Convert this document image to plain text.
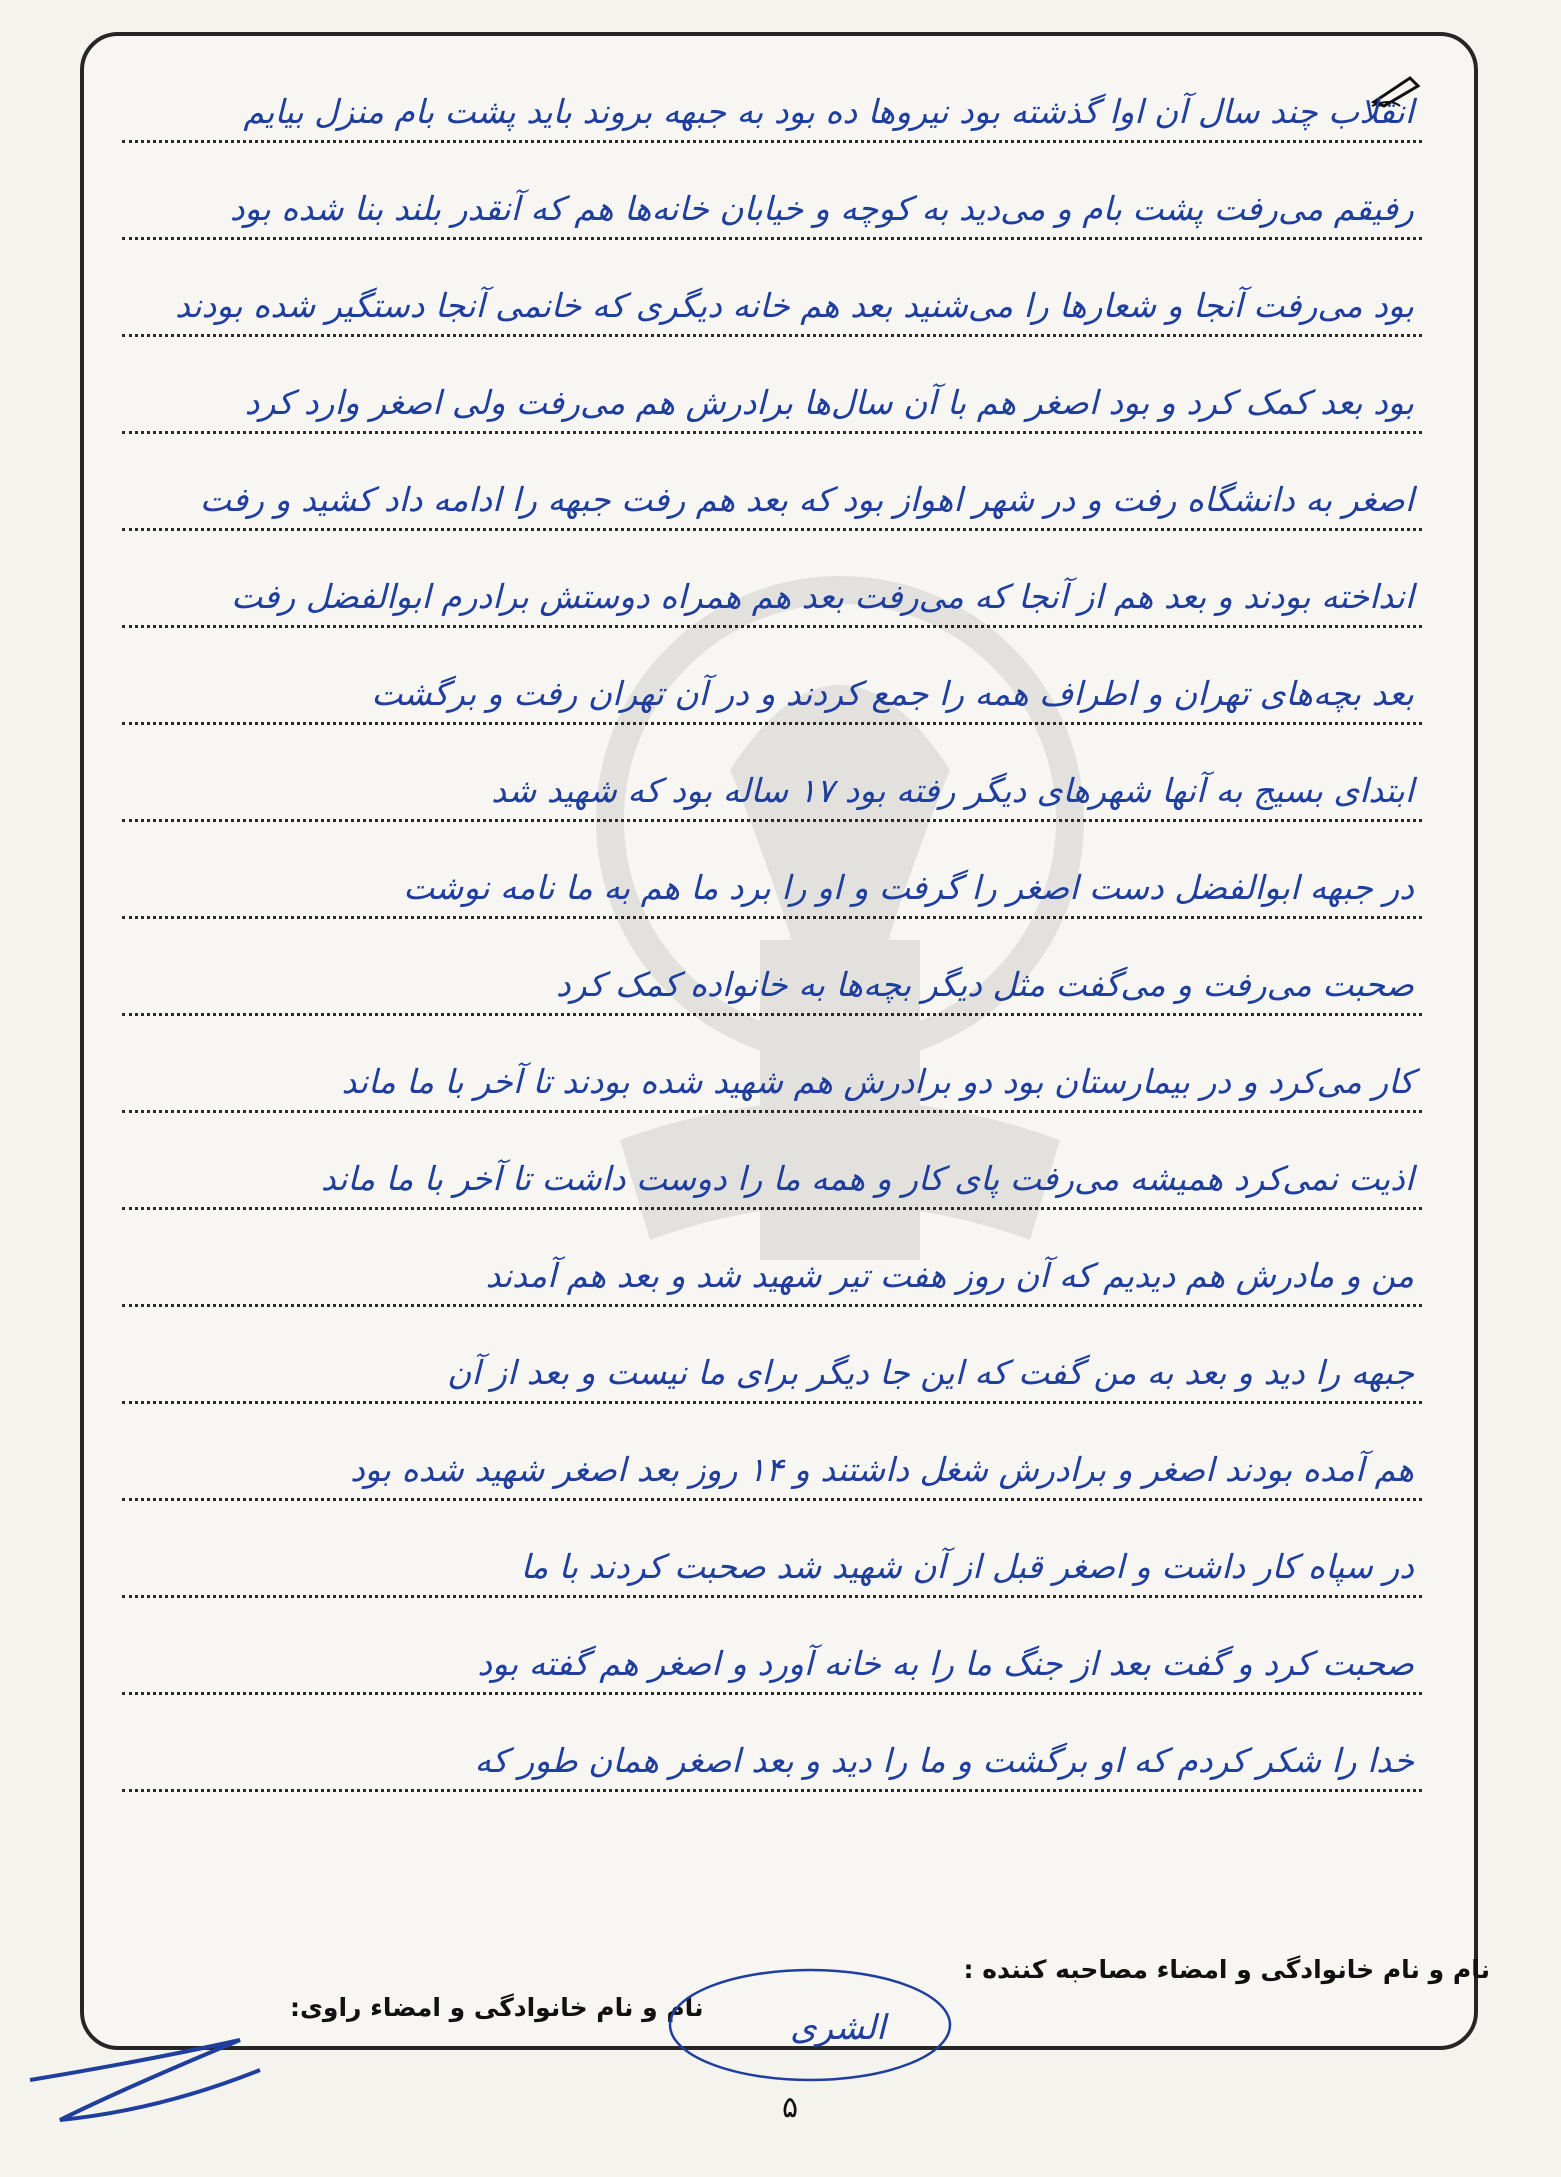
انقلاب چند سال آن اوا گذشته بود نیروها ده بود به جبهه بروند باید پشت بام منزل بیایم
رفیقم می‌رفت پشت بام و می‌دید به کوچه و خیابان خانه‌ها هم که آنقدر بلند بنا شده بود
بود می‌رفت آنجا و شعارها را می‌شنید بعد هم خانه دیگری که خانمی آنجا دستگیر شده بودند
بود بعد کمک کرد و بود اصغر هم با آن سال‌ها برادرش هم می‌رفت ولی اصغر وارد کرد
اصغر به دانشگاه رفت و در شهر اهواز بود که بعد هم رفت جبهه را ادامه داد کشید و رفت
انداخته بودند و بعد هم از آنجا که می‌رفت بعد هم همراه دوستش برادرم ابوالفضل رفت
بعد بچه‌های تهران و اطراف همه را جمع کردند و در آن تهران رفت و برگشت
ابتدای بسیج به آنها شهرهای دیگر رفته بود ۱۷ ساله بود که شهید شد
در جبهه ابوالفضل دست اصغر را گرفت و او را برد ما هم به ما نامه نوشت
صحبت می‌رفت و می‌گفت مثل دیگر بچه‌ها به خانواده کمک کرد
کار می‌کرد و در بیمارستان بود دو برادرش هم شهید شده بودند تا آخر با ما ماند
اذیت نمی‌کرد همیشه می‌رفت پای کار و همه ما را دوست داشت تا آخر با ما ماند
من و مادرش هم دیدیم که آن روز هفت تیر شهید شد و بعد هم آمدند
جبهه را دید و بعد به من گفت که این جا دیگر برای ما نیست و بعد از آن
هم آمده بودند اصغر و برادرش شغل داشتند و ۱۴ روز بعد اصغر شهید شده بود
در سپاه کار داشت و اصغر قبل از آن شهید شد صحبت کردند با ما
صحبت کرد و گفت بعد از جنگ ما را به خانه آورد و اصغر هم گفته بود
خدا را شکر کردم که او برگشت و ما را دید و بعد اصغر همان طور که
نام و نام خانوادگی و امضاء مصاحبه کننده :
نام و نام خانوادگی و امضاء راوی:
الشری
۵
